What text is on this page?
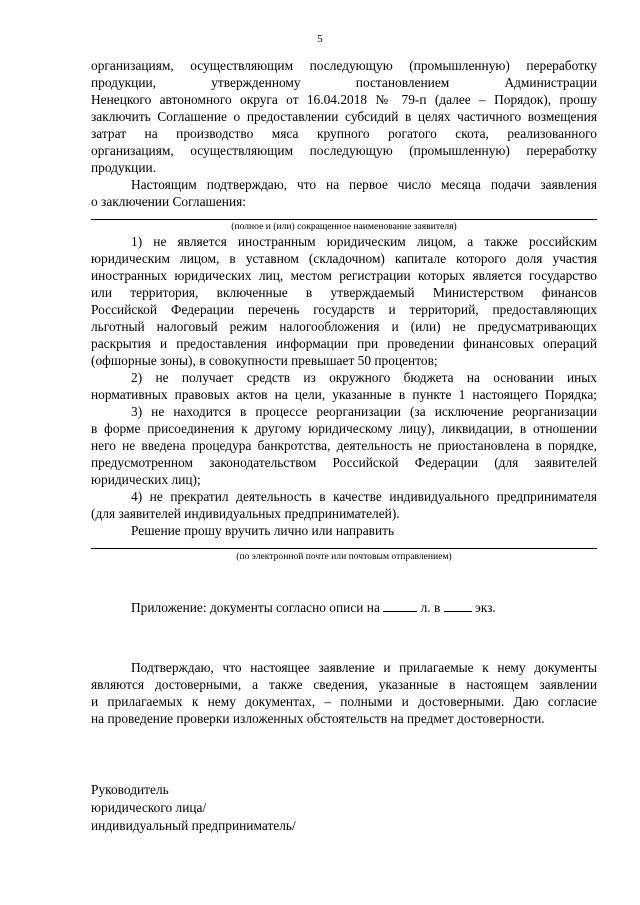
5
организациям, осуществляющим последующую (промышленную) переработку
продукции, утвержденному постановлением Администрации
Ненецкого автономного округа от 16.04.2018 № 79-п (далее – Порядок), прошу
заключить Соглашение о предоставлении субсидий в целях частичного возмещения
затрат на производство мяса крупного рогатого скота, реализованного
организациям, осуществляющим последующую (промышленную) переработку
продукции.
Настоящим подтверждаю, что на первое число месяца подачи заявления
о заключении Соглашения:
(полное и (или) сокращенное наименование заявителя)
1) не является иностранным юридическим лицом, а также российским
юридическим лицом, в уставном (складочном) капитале которого доля участия
иностранных юридических лиц, местом регистрации которых является государство
или территория, включенные в утверждаемый Министерством финансов
Российской Федерации перечень государств и территорий, предоставляющих
льготный налоговый режим налогообложения и (или) не предусматривающих
раскрытия и предоставления информации при проведении финансовых операций
(офшорные зоны), в совокупности превышает 50 процентов;
2) не получает средств из окружного бюджета на основании иных
нормативных правовых актов на цели, указанные в пункте 1 настоящего Порядка;
3) не находится в процессе реорганизации (за исключение реорганизации
в форме присоединения к другому юридическому лицу), ликвидации, в отношении
него не введена процедура банкротства, деятельность не приостановлена в порядке,
предусмотренном законодательством Российской Федерации (для заявителей
юридических лиц);
4) не прекратил деятельность в качестве индивидуального предпринимателя
(для заявителей индивидуальных предпринимателей).
Решение прошу вручить лично или направить
(по электронной почте или почтовым отправлением)
Приложение: документы согласно описи на	л. в	экз.
Подтверждаю, что настоящее заявление и прилагаемые к нему документы
являются достоверными, а также сведения, указанные в настоящем заявлении
и прилагаемых к нему документах, – полными и достоверными. Даю согласие
на проведение проверки изложенных обстоятельств на предмет достоверности.
Руководитель
юридического лица/
индивидуальный предприниматель/
